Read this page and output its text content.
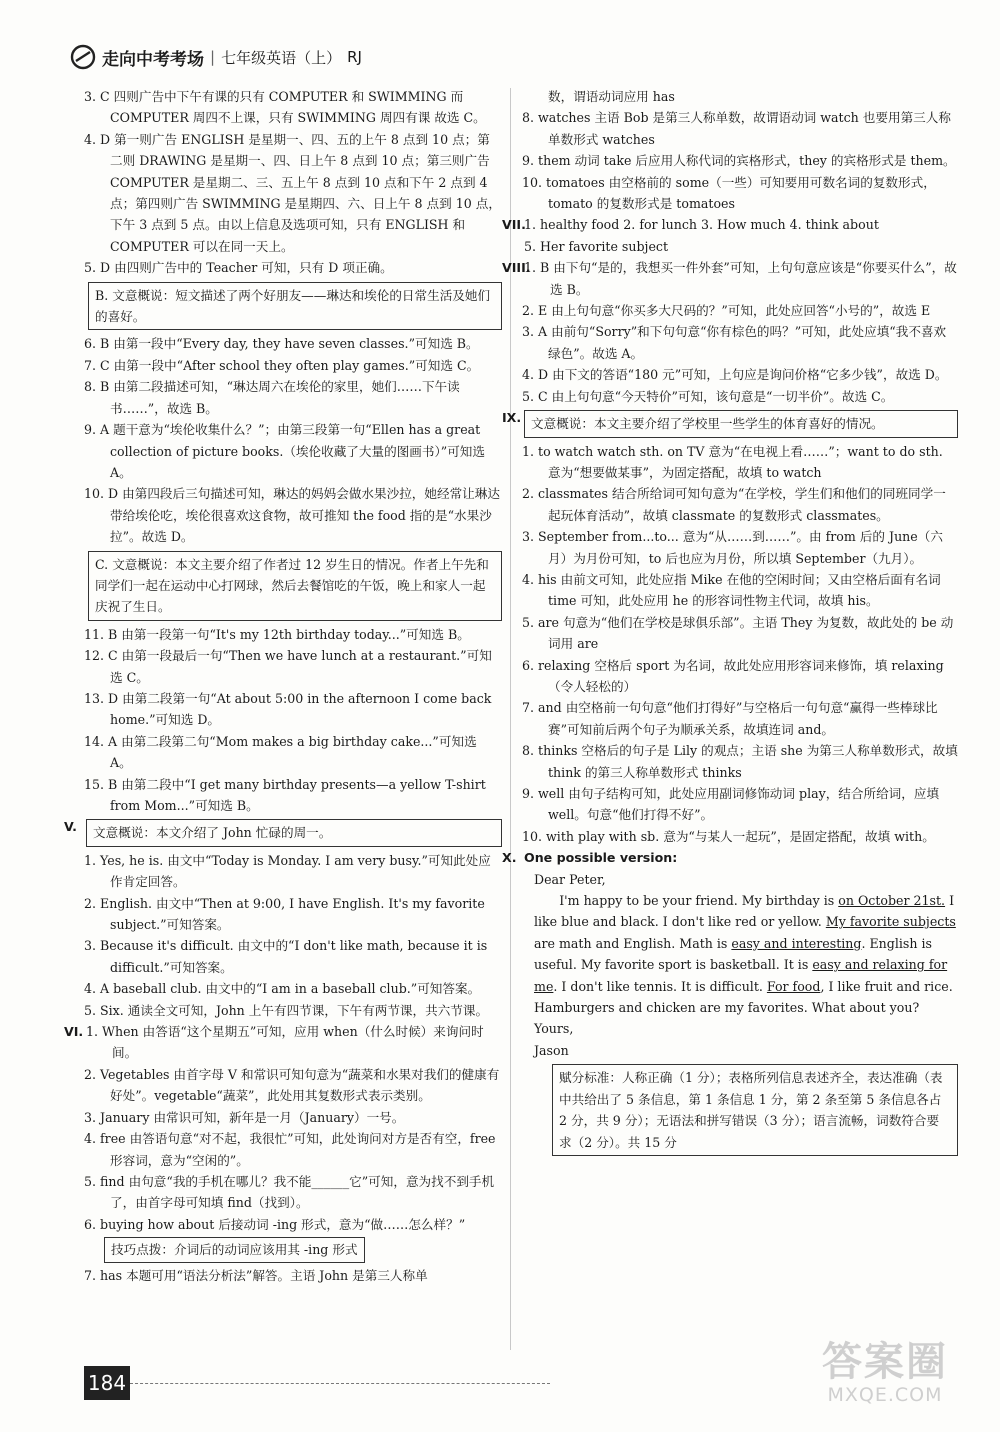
走向中考考场 | 七年级英语（上） RJ
3. C 四则广告中下午有课的只有 COMPUTER 和 SWIMMING 而 COMPUTER 周四不上课，只有 SWIMMING 周四有课 故选 C。
4. D 第一则广告 ENGLISH 是星期一、四、五的上午 8 点到 10 点；第二则 DRAWING 是星期一、四、日上午 8 点到 10 点；第三则广告 COMPUTER 是星期二、三、五上午 8 点到 10 点和下午 2 点到 4 点；第四则广告 SWIMMING 是星期四、六、日上午 8 点到 10 点，下午 3 点到 5 点。由以上信息及选项可知，只有 ENGLISH 和 COMPUTER 可以在同一天上。
5. D 由四则广告中的 Teacher 可知，只有 D 项正确。
B. 文意概说：短文描述了两个好朋友——琳达和埃伦的日常生活及她们的喜好。
6. B 由第一段中“Every day, they have seven classes.”可知选 B。
7. C 由第一段中“After school they often play games.”可知选 C。
8. B 由第二段描述可知，“琳达周六在埃伦的家里，她们……下午读书……”，故选 B。
9. A 题干意为“埃伦收集什么？”；由第三段第一句“Ellen has a great collection of picture books.（埃伦收藏了大量的图画书）”可知选 A。
10. D 由第四段后三句描述可知，琳达的妈妈会做水果沙拉，她经常让琳达带给埃伦吃，埃伦很喜欢这食物，故可推知 the food 指的是“水果沙拉”。故选 D。
C. 文意概说：本文主要介绍了作者过 12 岁生日的情况。作者上午先和同学们一起在运动中心打网球，然后去餐馆吃的午饭，晚上和家人一起庆祝了生日。
11. B 由第一段第一句“It's my 12th birthday today...”可知选 B。
12. C 由第一段最后一句“Then we have lunch at a restaurant.”可知选 C。
13. D 由第二段第一句“At about 5:00 in the afternoon I come back home.”可知选 D。
14. A 由第二段第二句“Mom makes a big birthday cake...”可知选 A。
15. B 由第二段中“I get many birthday presents—a yellow T-shirt from Mom...”可知选 B。
V.	文意概说：本文介绍了 John 忙碌的周一。
1. Yes, he is. 由文中“Today is Monday. I am very busy.”可知此处应作肯定回答。
2. English. 由文中“Then at 9:00, I have English. It's my favorite subject.”可知答案。
3. Because it's difficult. 由文中的“I don't like math, because it is difficult.”可知答案。
4. A baseball club. 由文中的“I am in a baseball club.”可知答案。
5. Six. 通读全文可知，John 上午有四节课，下午有两节课，共六节课。
VI. 1. When 由答语“这个星期五”可知，应用 when（什么时候）来询问时间。
2. Vegetables 由首字母 V 和常识可知句意为“蔬菜和水果对我们的健康有好处”。vegetable“蔬菜”，此处用其复数形式表示类别。
3. January 由常识可知，新年是一月（January）一号。
4. free 由答语句意“对不起，我很忙”可知，此处询问对方是否有空，free 形容词，意为“空闲的”。
5. find 由句意“我的手机在哪儿？我不能______它”可知，意为找不到手机了，由首字母可知填 find（找到）。
6. buying how about 后接动词 -ing 形式，意为“做……怎么样？”
技巧点拨：介词后的动词应该用其 -ing 形式
7. has 本题可用“语法分析法”解答。主语 John 是第三人称单
数，谓语动词应用 has
8. watches 主语 Bob 是第三人称单数，故谓语动词 watch 也要用第三人称单数形式 watches
9. them 动词 take 后应用人称代词的宾格形式，they 的宾格形式是 them。
10. tomatoes 由空格前的 some（一些）可知要用可数名词的复数形式，tomato 的复数形式是 tomatoes
VII.
1. healthy food 2. for lunch 3. How much 4. think about
5. Her favorite subject
VIII.
1. B 由下句“是的，我想买一件外套”可知，上句句意应该是“你要买什么”，故选 B。
2. E 由上句句意“你买多大尺码的？”可知，此处应回答“小号的”，故选 E
3. A 由前句“Sorry”和下句句意“你有棕色的吗？”可知，此处应填“我不喜欢绿色”。故选 A。
4. D 由下文的答语“180 元”可知，上句应是询问价格“它多少钱”，故选 D。
5. C 由上句句意“今天特价”可知，该句意是“一切半价”。故选 C。
IX. 文意概说：本文主要介绍了学校里一些学生的体育喜好的情况。
1. to watch watch sth. on TV 意为“在电视上看……”；want to do sth. 意为“想要做某事”，为固定搭配，故填 to watch
2. classmates 结合所给词可知句意为“在学校，学生们和他们的同班同学一起玩体育活动”，故填 classmate 的复数形式 classmates。
3. September from...to... 意为“从……到……”。由 from 后的 June（六月）为月份可知，to 后也应为月份，所以填 September（九月）。
4. his 由前文可知，此处应指 Mike 在他的空闲时间；又由空格后面有名词 time 可知，此处应用 he 的形容词性物主代词，故填 his。
5. are 句意为“他们在学校是球俱乐部”。主语 They 为复数，故此处的 be 动词用 are
6. relaxing 空格后 sport 为名词，故此处应用形容词来修饰，填 relaxing（令人轻松的）
7. and 由空格前一句句意“他们打得好”与空格后一句句意“赢得一些棒球比赛”可知前后两个句子为顺承关系，故填连词 and。
8. thinks 空格后的句子是 Lily 的观点；主语 she 为第三人称单数形式，故填 think 的第三人称单数形式 thinks
9. well 由句子结构可知，此处应用副词修饰动词 play，结合所给词，应填 well。句意“他们打得不好”。
10. with play with sb. 意为“与某人一起玩”，是固定搭配，故填 with。
X. One possible version:
Dear Peter,

I'm happy to be your friend. My birthday is on October 21st. I like blue and black. I don't like red or yellow. My favorite subjects are math and English. Math is easy and interesting. English is useful. My favorite sport is basketball. It is easy and relaxing for me. I don't like tennis. It is difficult. For food, I like fruit and rice. Hamburgers and chicken are my favorites. What about you?

Yours,
Jason
赋分标准：人称正确（1 分）；表格所列信息表述齐全，表达准确（表中共给出了 5 条信息，第 1 条信息 1 分，第 2 条至第 5 条信息各占 2 分，共 9 分）；无语法和拼写错误（3 分）；语言流畅，词数符合要求（2 分）。共 15 分
184	答案圈
MXQE.COM
